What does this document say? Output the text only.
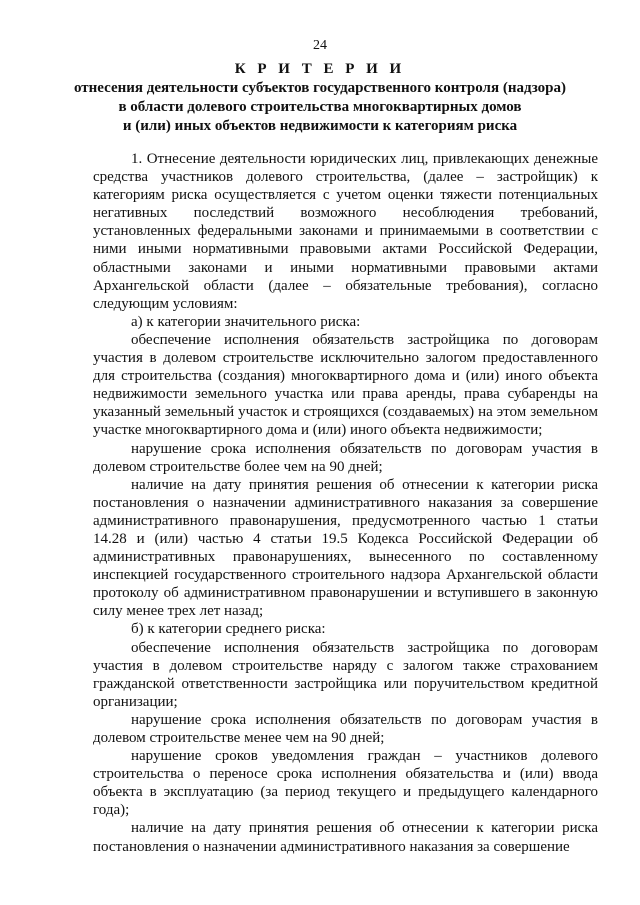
24
К Р И Т Е Р И И
отнесения деятельности субъектов государственного контроля (надзора)
в области долевого строительства многоквартирных домов
и (или) иных объектов недвижимости к категориям риска

1. Отнесение деятельности юридических лиц, привлекающих денежные средства участников долевого строительства, (далее – застройщик) к категориям риска осуществляется с учетом оценки тяжести потенциальных негативных последствий возможного несоблюдения требований, установленных федеральными законами и принимаемыми в соответствии с ними иными нормативными правовыми актами Российской Федерации, областными законами и иными нормативными правовыми актами Архангельской области (далее – обязательные требования), согласно следующим условиям:

а) к категории значительного риска:

обеспечение исполнения обязательств застройщика по договорам участия в долевом строительстве исключительно залогом предоставленного для строительства (создания) многоквартирного дома и (или) иного объекта недвижимости земельного участка или права аренды, права субаренды на указанный земельный участок и строящихся (создаваемых) на этом земельном участке многоквартирного дома и (или) иного объекта недвижимости;

нарушение срока исполнения обязательств по договорам участия в долевом строительстве более чем на 90 дней;

наличие на дату принятия решения об отнесении к категории риска постановления о назначении административного наказания за совершение административного правонарушения, предусмотренного частью 1 статьи 14.28 и (или) частью 4 статьи 19.5 Кодекса Российской Федерации об административных правонарушениях, вынесенного по составленному инспекцией государственного строительного надзора Архангельской области протоколу об административном правонарушении и вступившего в законную силу менее трех лет назад;

б) к категории среднего риска:

обеспечение исполнения обязательств застройщика по договорам участия в долевом строительстве наряду с залогом также страхованием гражданской ответственности застройщика или поручительством кредитной организации;

нарушение срока исполнения обязательств по договорам участия в долевом строительстве менее чем на 90 дней;

нарушение сроков уведомления граждан – участников долевого строительства о переносе срока исполнения обязательства и (или) ввода объекта в эксплуатацию (за период текущего и предыдущего календарного года);

наличие на дату принятия решения об отнесении к категории риска постановления о назначении административного наказания за совершение
